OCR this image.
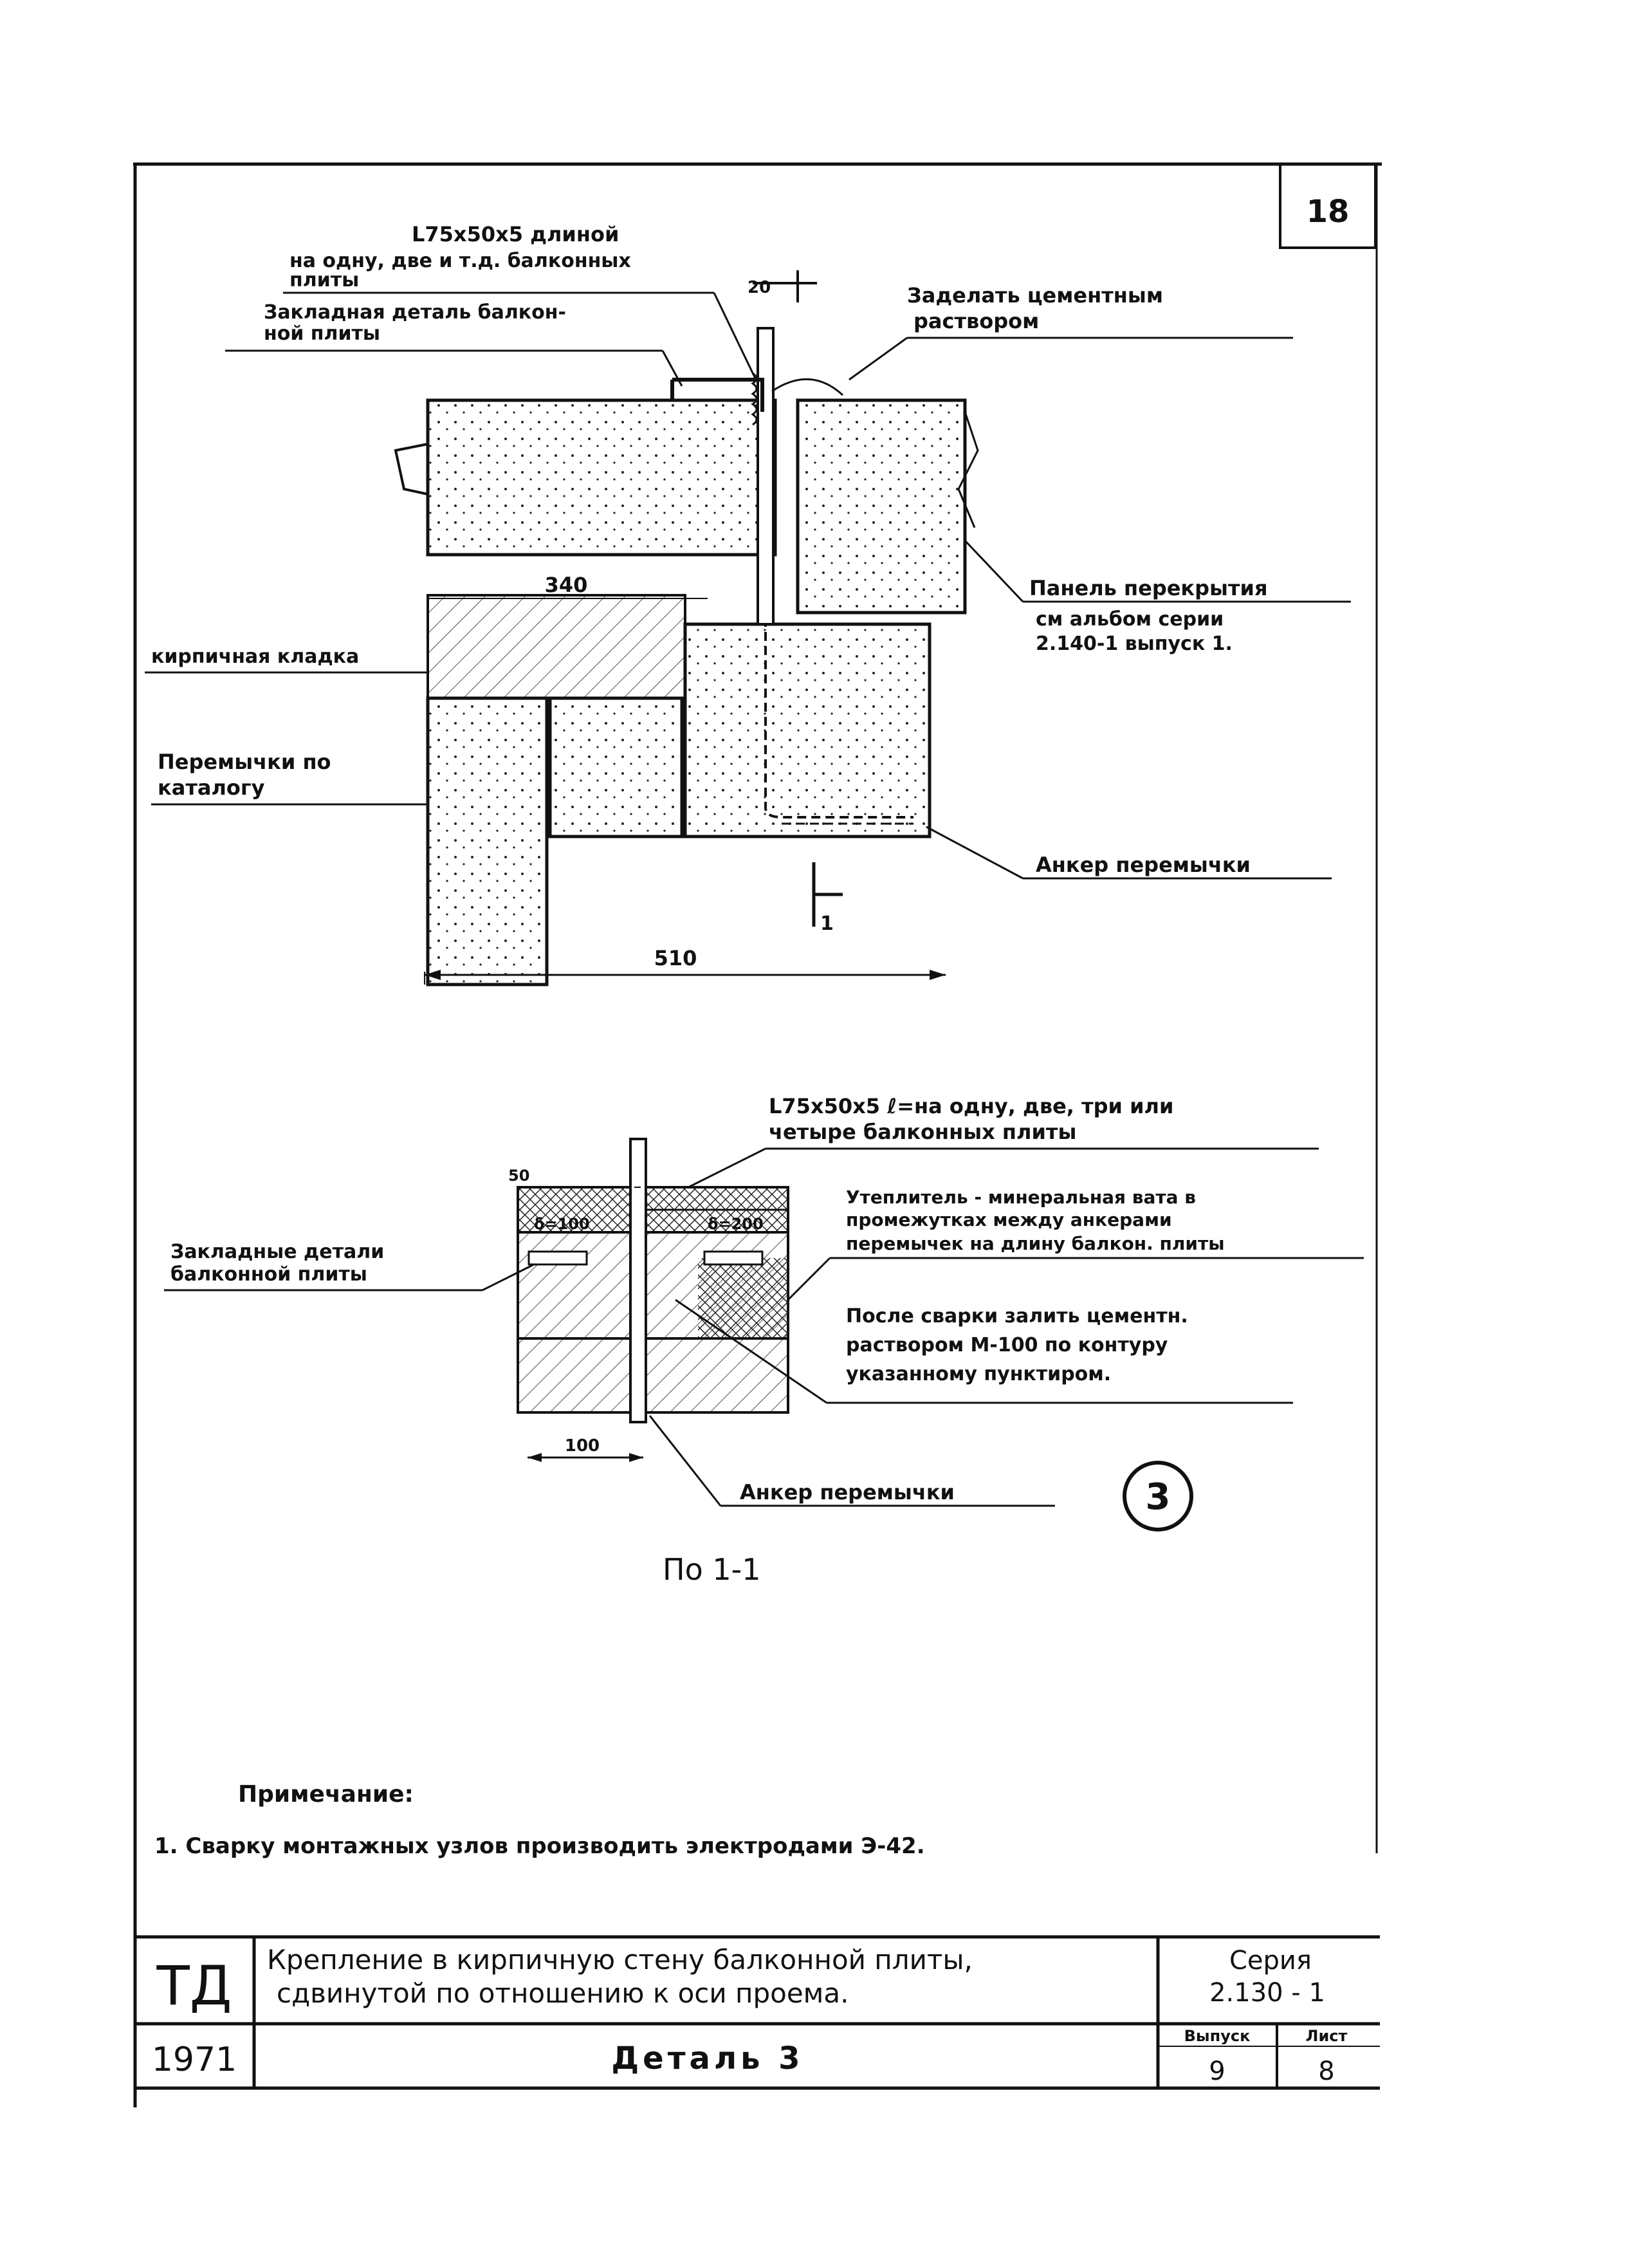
18
20
1
340
510
L75x50x5 длиной
на одну, две и т.д. балконных
плиты
Закладная деталь балкон-
ной плиты
Заделать цементным
раствором
Панель перекрытия
см альбом серии
2.140-1 выпуск 1.
кирпичная кладка
Перемычки по
каталогу
Анкер перемычки
δ=100	δ=200
50
100
L75x50x5 ℓ=на одну, две, три или
четыре балконных плиты
Утеплитель - минеральная вата в
промежутках между анкерами
перемычек на длину балкон. плиты
После сварки залить цементн.
раствором М-100 по контуру
указанному пунктиром.
Закладные детали
балконной плиты
Анкер перемычки	3
По 1-1
Примечание:
1. Сварку монтажных узлов производить электродами Э-42.
ТД
1971
Крепление в кирпичную стену балконной плиты,
сдвинутой по отношению к оси проема.
Деталь 3
Серия
2.130 - 1
Выпуск
9
Лист
8
